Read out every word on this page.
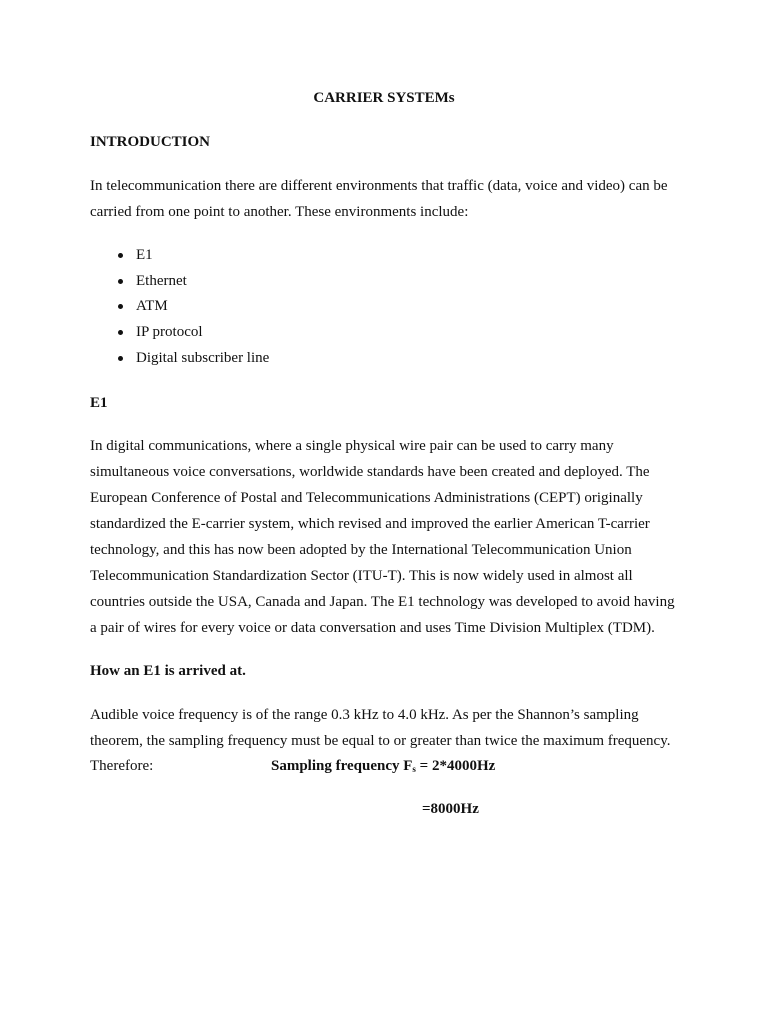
CARRIER SYSTEMs
INTRODUCTION
In telecommunication there are different environments that traffic (data, voice and video) can be
carried from one point to another. These environments include:
E1
Ethernet
ATM
IP protocol
Digital subscriber line
E1
In digital communications, where a single physical wire pair can be used to carry many
simultaneous voice conversations, worldwide standards have been created and deployed. The
European Conference of Postal and Telecommunications Administrations (CEPT) originally
standardized the E-carrier system, which revised and improved the earlier American T-carrier
technology, and this has now been adopted by the International Telecommunication Union
Telecommunication Standardization Sector (ITU-T). This is now widely used in almost all
countries outside the USA, Canada and Japan. The E1 technology was developed to avoid having
a pair of wires for every voice or data conversation and uses Time Division Multiplex (TDM).
How an E1 is arrived at.
Audible voice frequency is of the range 0.3 kHz to 4.0 kHz. As per the Shannon’s sampling
theorem, the sampling frequency must be equal to or greater than twice the maximum frequency.
Therefore:	Sampling frequency $F_s = 2*4000Hz$
=8000Hz
